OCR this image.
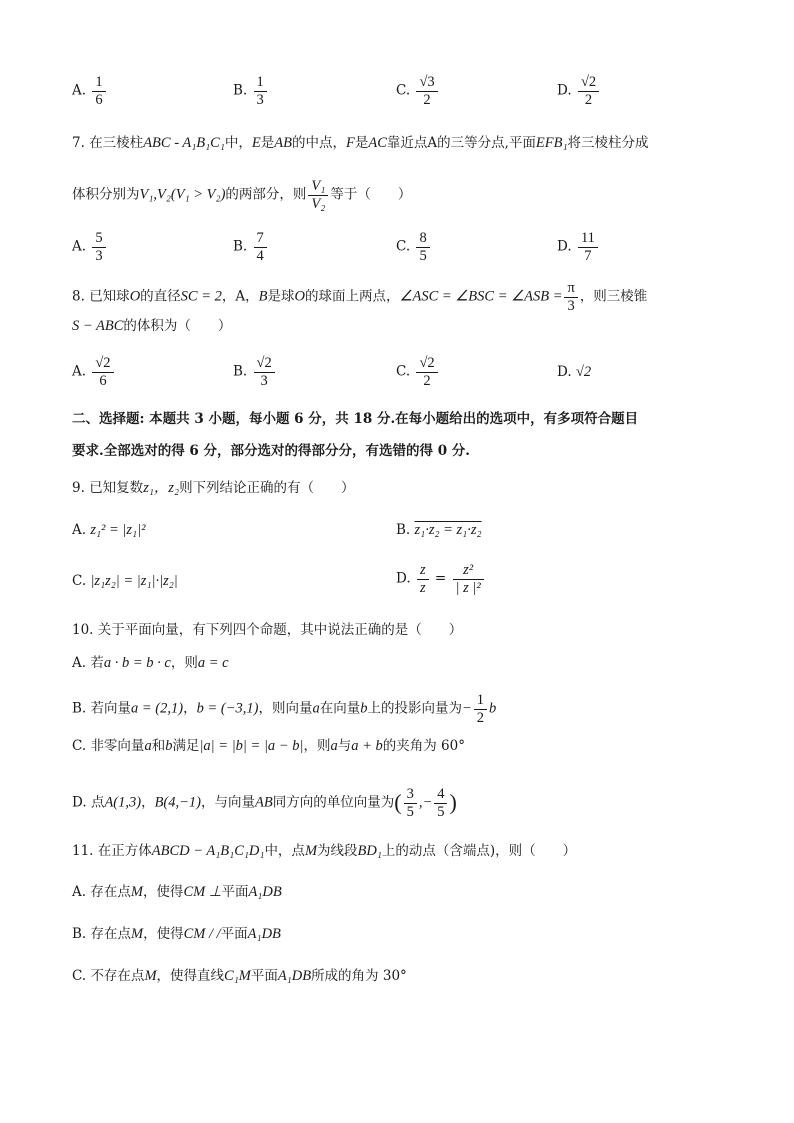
A. $\frac{1}{6}$	B. $\frac{1}{3}$	C. $\frac{√3}{2}$	D. $\frac{√2}{2}$
7. 在三棱柱ABC - A₁B₁C₁中，E是AB的中点，F是AC靠近点A的三等分点,平面EFB₁将三棱柱分成
体积分别为V₁,V₂(V₁ > V₂)的两部分，则 $\frac{\text{V₁}}{\text{V₂}}$ 等于（　　）
A. $\frac{5}{3}$	B. $\frac{7}{4}$	C. $\frac{8}{5}$	D. $\frac{11}{7}$
8. 已知球O的直径SC = 2，A，B是球O的球面上两点，∠ASC = ∠BSC = ∠ASB = $\frac{\pi}{3}$ ，则三棱锥
S − ABC的体积为（　　）
A. $\frac{√2}{6}$	B. $\frac{√2}{3}$	C. $\frac{√2}{2}$	D. √2
二、选择题: 本题共 3 小题，每小题 6 分，共 18 分.在每小题给出的选项中，有多项符合题目
要求.全部选对的得 6 分，部分选对的得部分分，有选错的得 0 分.
9. 已知复数z₁，z₂则下列结论正确的有（　　）
A. z₁² = |z₁|²	B. z₁·z₂ = z₁·z₂
C. |z₁z₂| = |z₁|·|z₂|	D. $\frac{z}{z} = \frac{\text{z²}}{\text{| z |²}}$
10. 关于平面向量，有下列四个命题，其中说法正确的是（　　）
A. 若a · b = b · c，则a = c
B. 若向量a = (2,1)，b = (−3,1)，则向量a在向量b上的投影向量为− $\frac{1}{2}$ b
C. 非零向量a和b满足|a| = |b| = |a − b|，则a与a + b的夹角为 60°
D. 点A(1,3)，B(4,−1)，与向量AB同方向的单位向量为( $\frac{3}{5}$ ,− $\frac{4}{5}$ )
11. 在正方体ABCD − A₁B₁C₁D₁中，点M为线段BD₁上的动点（含端点)，则（　　）
A. 存在点M，使得CM ⊥平面A₁DB
B. 存在点M，使得CM / /平面A₁DB
C. 不存在点M，使得直线C₁M平面A₁DB所成的角为 30°
